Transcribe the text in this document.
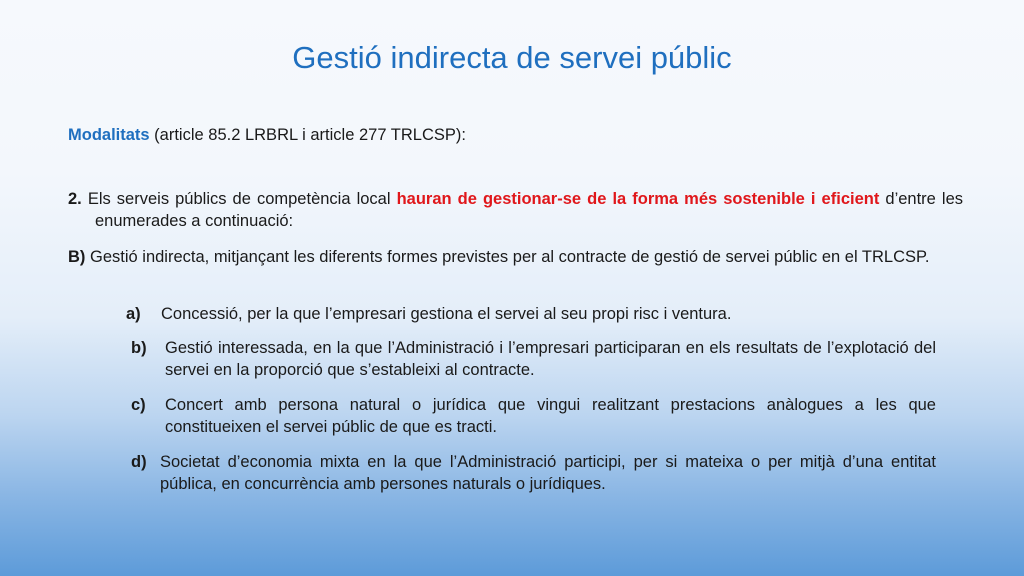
Gestió indirecta de servei públic
Modalitats (article 85.2 LRBRL i article 277 TRLCSP):
2. Els serveis públics de competència local hauran de gestionar-se de la forma més sostenible i eficient d’entre les enumerades a continuació:
B) Gestió indirecta, mitjançant les diferents formes previstes per al contracte de gestió de servei públic en el TRLCSP.
a) Concessió, per la que l’empresari gestiona el servei al seu propi risc i ventura.
b) Gestió interessada, en la que l’Administració i l’empresari participaran en els resultats de l’explotació del servei en la proporció que s’estableixi al contracte.
c) Concert amb persona natural o jurídica que vingui realitzant prestacions anàlogues a les que constitueixen el servei públic de que es tracti.
d) Societat d’economia mixta en la que l’Administració participi, per si mateixa o per mitjà d’una entitat pública, en concurrència amb persones naturals o jurídiques.
